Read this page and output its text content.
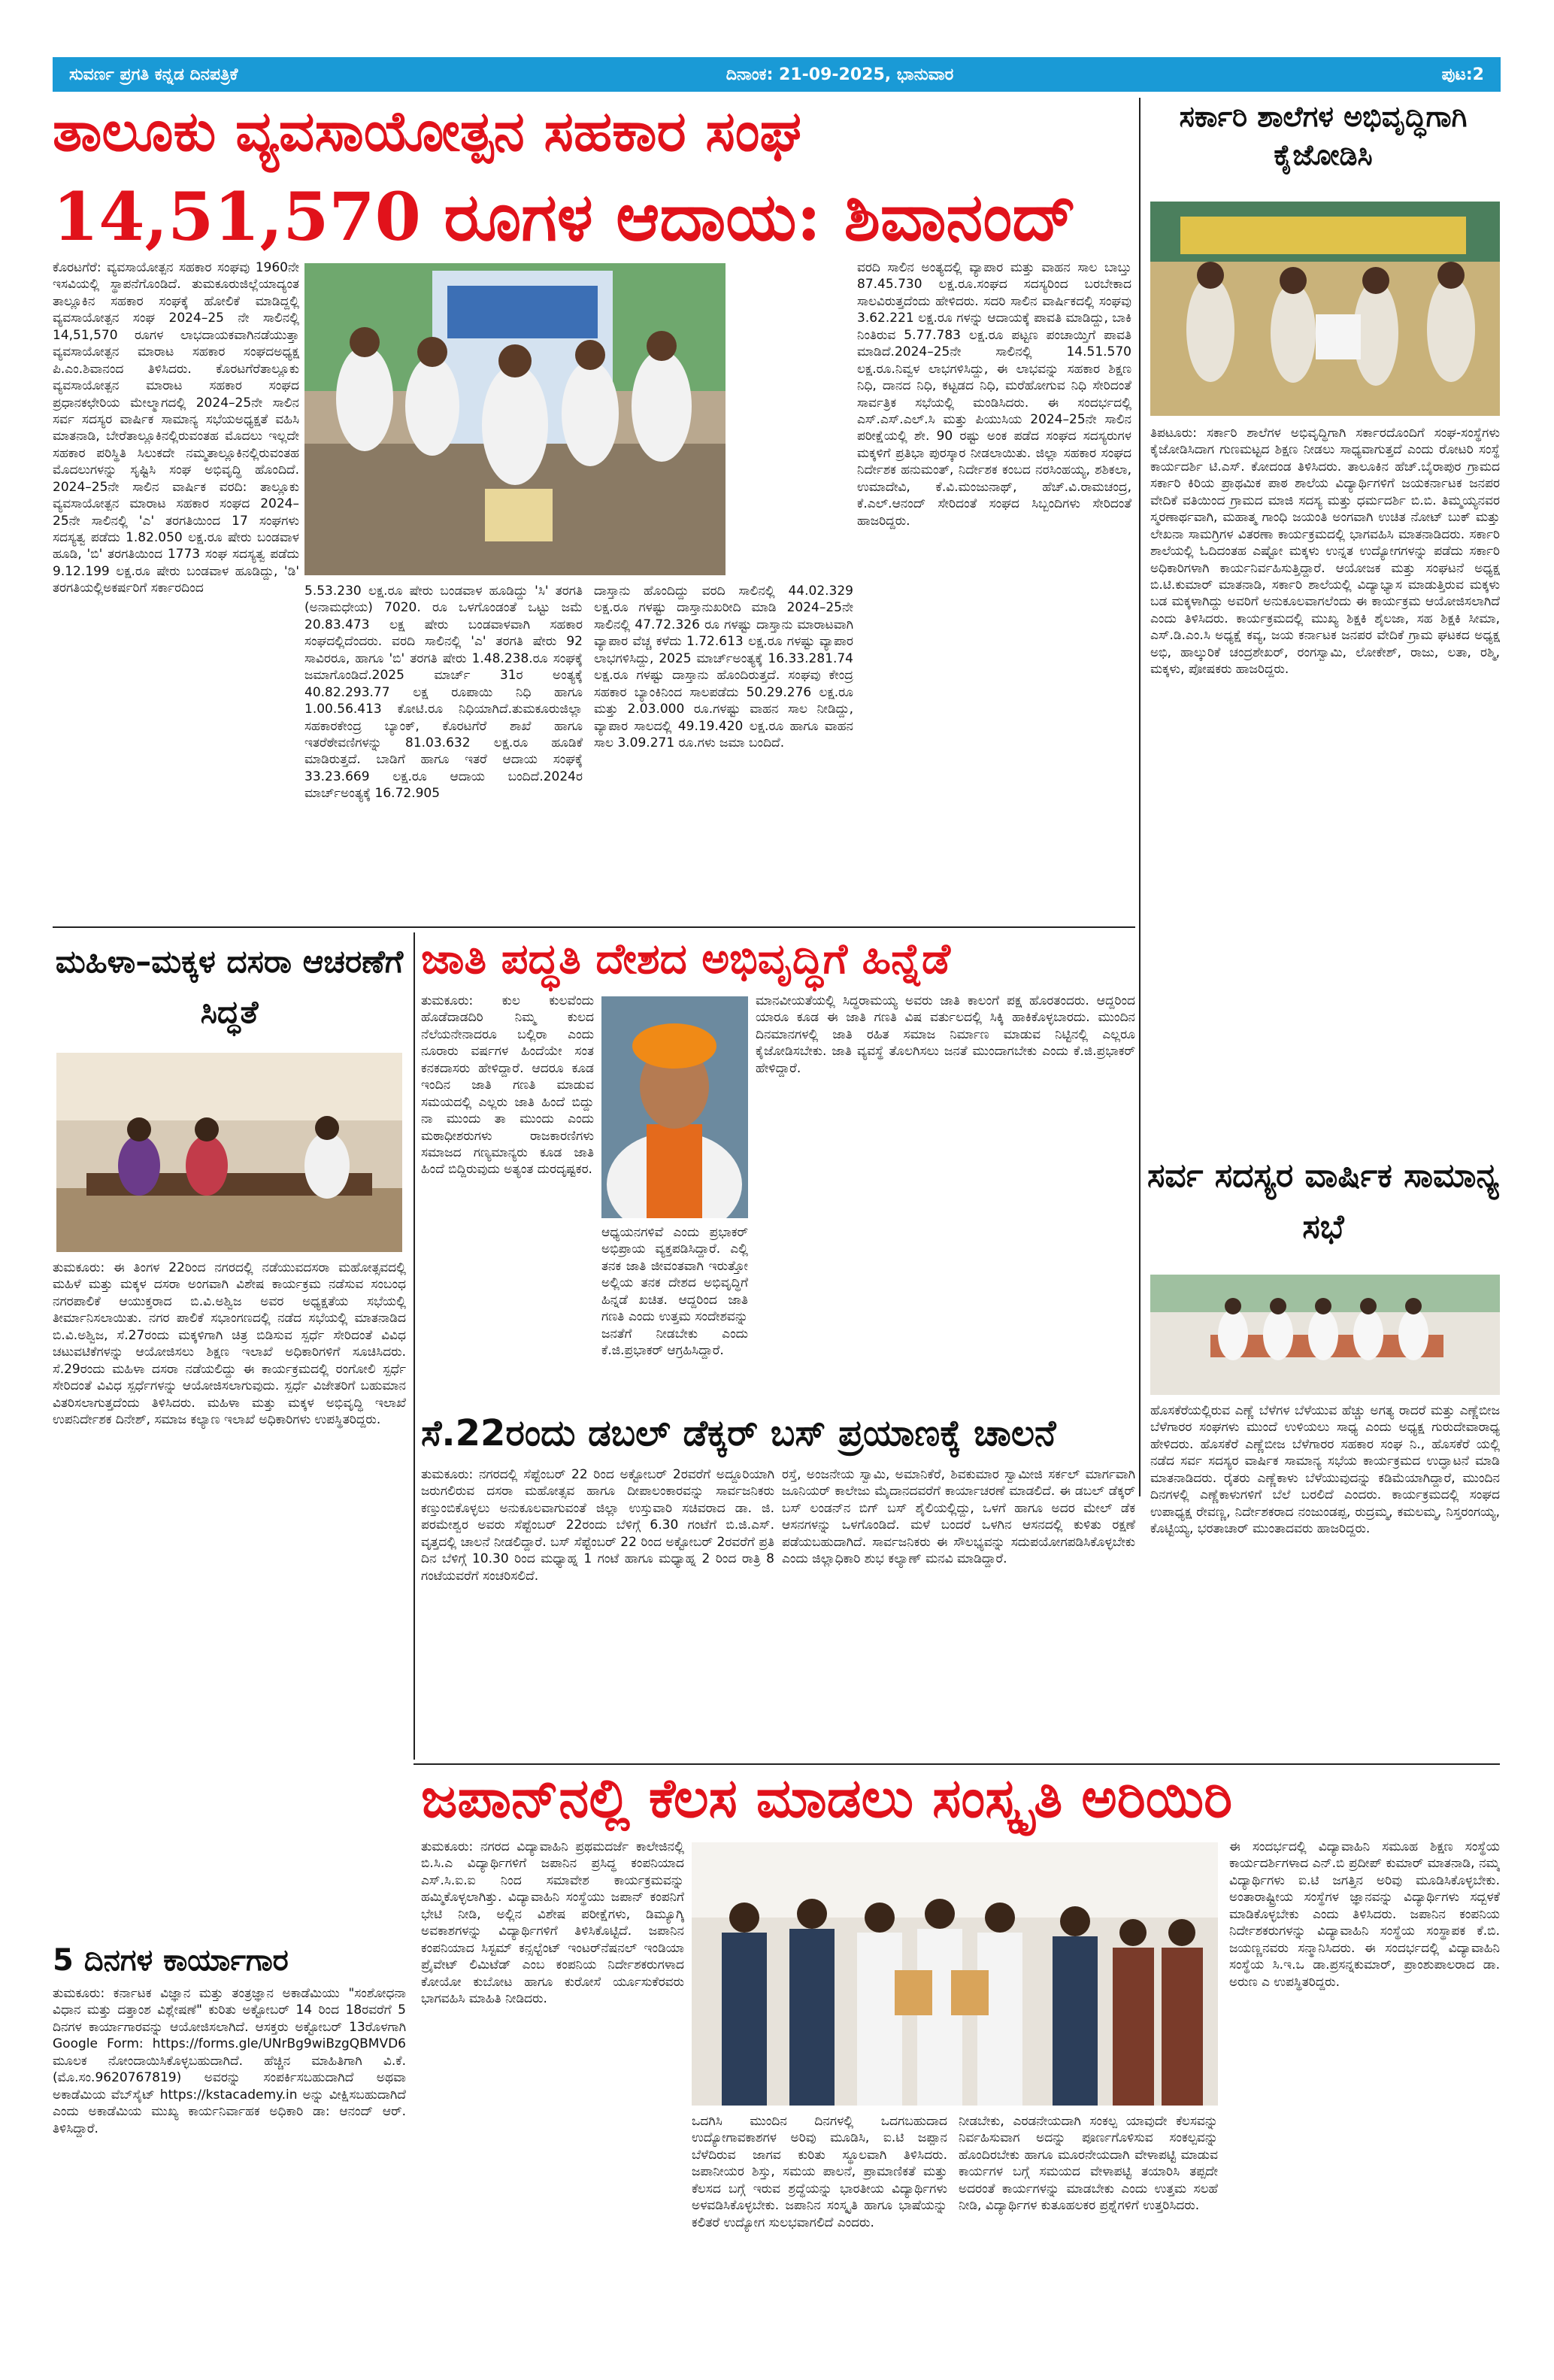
ಸುವರ್ಣ ಪ್ರಗತಿ ಕನ್ನಡ ದಿನಪತ್ರಿಕೆ	ದಿನಾಂಕ: 21-09-2025, ಭಾನುವಾರ	ಪುಟ:2
ತಾಲೂಕು ವ್ಯವಸಾಯೋತ್ಪನ ಸಹಕಾರ ಸಂಘ
14,51,570 ರೂಗಳ ಆದಾಯ: ಶಿವಾನಂದ್
ಕೊರಟಗೆರೆ: ವ್ಯವಸಾಯೋತ್ಪನ ಸಹಕಾರ ಸಂಘವು 1960ನೇ ಇಸವಿಯಲ್ಲಿ ಸ್ಥಾಪನೆಗೊಂಡಿದೆ. ತುಮಕೂರುಜಿಲ್ಲೆಯಾದ್ಯಂತ ತಾಲ್ಲೂಕಿನ ಸಹಕಾರ ಸಂಘಕ್ಕೆ ಹೋಲಿಕೆ ಮಾಡಿದ್ದಲ್ಲಿ ವ್ಯವಸಾಯೋತ್ಪನ ಸಂಘ 2024–25 ನೇ ಸಾಲಿನಲ್ಲಿ 14,51,570 ರೂಗಳ ಲಾಭದಾಯಕವಾಗಿನಡೆಯುತ್ತಾ ವ್ಯವಸಾಯೋತ್ಪನ ಮಾರಾಟ ಸಹಕಾರ ಸಂಘದಅಧ್ಯಕ್ಷ ಪಿ.ಎಂ.ಶಿವಾನಂದ ತಿಳಿಸಿದರು. ಕೊರಟಗೆರೆತಾಲ್ಲೂಕು ವ್ಯವಸಾಯೋತ್ಪನ ಮಾರಾಟ ಸಹಕಾರ ಸಂಘದ ಪ್ರಧಾನಕಛೇರಿಯ ಮೇಲ್ಮಾಗದಲ್ಲಿ 2024–25ನೇ ಸಾಲಿನ ಸರ್ವ ಸದಸ್ಯರ ವಾರ್ಷಿಕ ಸಾಮಾನ್ಯ ಸಭೆಯಅಧ್ಯಕ್ಷತೆ ವಹಿಸಿ ಮಾತನಾಡಿ, ಬೇರೆತಾಲ್ಲೂಕಿನಲ್ಲಿರುವಂತಹ ಮೊದಲು ಇಲ್ಲದೇ ಸಹಕಾರ ಪರಿಸ್ಥಿತಿ ಸಿಲುಕದೇ ನಮ್ಮತಾಲ್ಲೂಕಿನಲ್ಲಿರುವಂತಹ ಮೊದಲುಗಳನ್ನು ಸೃಷ್ಟಿಸಿ ಸಂಘ ಅಭಿವೃದ್ಧಿ ಹೊಂದಿದೆ. 2024–25ನೇ ಸಾಲಿನ ವಾರ್ಷಿಕ ವರದಿ: ತಾಲ್ಲೂಕು ವ್ಯವಸಾಯೋತ್ಪನ ಮಾರಾಟ ಸಹಕಾರ ಸಂಘದ 2024–25ನೇ ಸಾಲಿನಲ್ಲಿ 'ಎ' ತರಗತಿಯಿಂದ 17 ಸಂಘಗಳು ಸದಸ್ಯತ್ವ ಪಡೆದು 1.82.050 ಲಕ್ಷ.ರೂ ಷೇರು ಬಂಡವಾಳ ಹೂಡಿ, 'ಬಿ' ತರಗತಿಯಿಂದ 1773 ಸಂಘ ಸದಸ್ಯತ್ವ ಪಡೆದು 9.12.199 ಲಕ್ಷ.ರೂ ಷೇರು ಬಂಡವಾಳ ಹೂಡಿದ್ದು, 'ಡಿ' ತರಗತಿಯಲ್ಲಿಅಕರ್ಷರಿಗೆ ಸರ್ಕಾರದಿಂದ	5.53.230 ಲಕ್ಷ.ರೂ ಷೇರು ಬಂಡವಾಳ ಹೂಡಿದ್ದು 'ಸಿ' ತರಗತಿ (ಅನಾಮಧೇಯ) 7020. ರೂ ಒಳಗೊಂಡಂತೆ ಒಟ್ಟು ಜಮೆ 20.83.473 ಲಕ್ಷ ಷೇರು ಬಂಡವಾಳವಾಗಿ ಸಹಕಾರ ಸಂಘದಲ್ಲಿದೆಂದರು. ವರದಿ ಸಾಲಿನಲ್ಲಿ 'ಎ' ತರಗತಿ ಷೇರು 92 ಸಾವಿರರೂ, ಹಾಗೂ 'ಬಿ' ತರಗತಿ ಷೇರು 1.48.238.ರೂ ಸಂಘಕ್ಕೆ ಜಮಾಗೊಂಡಿದೆ.2025 ಮಾರ್ಚ್ 31ರ ಅಂತ್ಯಕ್ಕೆ 40.82.293.77 ಲಕ್ಷ ರೂಪಾಯಿ ನಿಧಿ ಹಾಗೂ 1.00.56.413 ಕೋಟಿ.ರೂ ನಿಧಿಯಾಗಿದೆ.ತುಮಕೂರುಜಿಲ್ಲಾ ಸಹಕಾರಕೇಂದ್ರ ಬ್ಯಾಂಕ್, ಕೊರಟಗೆರೆ ಶಾಖೆ ಹಾಗೂ ಇತರೆಠೇವಣಿಗಳನ್ನು 81.03.632 ಲಕ್ಷ.ರೂ ಹೂಡಿಕೆ ಮಾಡಿರುತ್ತದೆ. ಬಾಡಿಗೆ ಹಾಗೂ ಇತರೆ ಆದಾಯ ಸಂಘಕ್ಕೆ 33.23.669 ಲಕ್ಷ.ರೂ ಆದಾಯ ಬಂದಿದೆ.2024ರ ಮಾರ್ಚ್ಅಂತ್ಯಕ್ಕೆ 16.72.905
ದಾಸ್ತಾನು ಹೊಂದಿದ್ದು ವರದಿ ಸಾಲಿನಲ್ಲಿ 44.02.329 ಲಕ್ಷ.ರೂ ಗಳಷ್ಟು ದಾಸ್ತಾನುಖರೀದಿ ಮಾಡಿ 2024–25ನೇ ಸಾಲಿನಲ್ಲಿ 47.72.326 ರೂ ಗಳಷ್ಟು ದಾಸ್ತಾನು ಮಾರಾಟವಾಗಿ ವ್ಯಾಪಾರ ವೆಚ್ಚ ಕಳೆದು 1.72.613 ಲಕ್ಷ.ರೂ ಗಳಷ್ಟು ವ್ಯಾಪಾರ ಲಾಭಗಳಿಸಿದ್ದು, 2025 ಮಾರ್ಚ್ಅಂತ್ಯಕ್ಕೆ 16.33.281.74 ಲಕ್ಷ.ರೂ ಗಳಷ್ಟು ದಾಸ್ತಾನು ಹೊಂದಿರುತ್ತದೆ. ಸಂಘವು ಕೇಂದ್ರ ಸಹಕಾರ ಬ್ಯಾಂಕಿನಿಂದ ಸಾಲಪಡೆದು 50.29.276 ಲಕ್ಷ.ರೂ ಮತ್ತು 2.03.000 ರೂ.ಗಳಷ್ಟು ವಾಹನ ಸಾಲ ನೀಡಿದ್ದು, ವ್ಯಾಪಾರ ಸಾಲದಲ್ಲಿ 49.19.420 ಲಕ್ಷ.ರೂ ಹಾಗೂ ವಾಹನ ಸಾಲ 3.09.271 ರೂ.ಗಳು ಜಮಾ ಬಂದಿದೆ.
ವರದಿ ಸಾಲಿನ ಅಂತ್ಯದಲ್ಲಿ ವ್ಯಾಪಾರ ಮತ್ತು ವಾಹನ ಸಾಲ ಬಾಬ್ತು 87.45.730 ಲಕ್ಷ.ರೂ.ಸಂಘದ ಸದಸ್ಯರಿಂದ ಬರಬೇಕಾದ ಸಾಲವಿರುತ್ತದೆಂದು ಹೇಳಿದರು. ಸದರಿ ಸಾಲಿನ ವಾರ್ಷಿಕದಲ್ಲಿ ಸಂಘವು 3.62.221 ಲಕ್ಷ.ರೂ ಗಳನ್ನು ಆದಾಯಕ್ಕೆ ಪಾವತಿ ಮಾಡಿದ್ದು, ಬಾಕಿ ನಿಂತಿರುವ 5.77.783 ಲಕ್ಷ.ರೂ ಪಟ್ಟಣ ಪಂಚಾಯ್ತಿಗೆ ಪಾವತಿ ಮಾಡಿದೆ.2024–25ನೇ ಸಾಲಿನಲ್ಲಿ 14.51.570 ಲಕ್ಷ.ರೂ.ನಿವ್ವಳ ಲಾಭಗಳಿಸಿದ್ದು, ಈ ಲಾಭವನ್ನು ಸಹಕಾರ ಶಿಕ್ಷಣ ನಿಧಿ, ದಾನದ ನಿಧಿ, ಕಟ್ಟಡದ ನಿಧಿ, ಮರೆಹೋಗುವ ನಿಧಿ ಸೇರಿದಂತೆ ಸಾರ್ವತ್ರಿಕ ಸಭೆಯಲ್ಲಿ ಮಂಡಿಸಿದರು. ಈ ಸಂದರ್ಭದಲ್ಲಿ ಎಸ್.ಎಸ್.ಎಲ್.ಸಿ ಮತ್ತು ಪಿಯುಸಿಯ 2024–25ನೇ ಸಾಲಿನ ಪರೀಕ್ಷೆಯಲ್ಲಿ ಶೇ. 90 ರಷ್ಟು ಅಂಕ ಪಡೆದ ಸಂಘದ ಸದಸ್ಯರುಗಳ ಮಕ್ಕಳಿಗೆ ಪ್ರತಿಭಾ ಪುರಸ್ಕಾರ ನೀಡಲಾಯಿತು. ಜಿಲ್ಲಾ ಸಹಕಾರ ಸಂಘದ ನಿರ್ದೇಶಕ ಹನುಮಂತ್, ನಿರ್ದೇಶಕ ಕಂಬದ ನರಸಿಂಹಯ್ಯ, ಶಶಿಕಲಾ, ಉಮಾದೇವಿ, ಕೆ.ವಿ.ಮಂಜುನಾಥ್, ಹೆಚ್.ವಿ.ರಾಮಚಂದ್ರ, ಕೆ.ಎಲ್.ಆನಂದ್ ಸೇರಿದಂತೆ ಸಂಘದ ಸಿಬ್ಬಂದಿಗಳು ಸೇರಿದಂತೆ ಹಾಜರಿದ್ದರು.
ಸರ್ಕಾರಿ ಶಾಲೆಗಳ ಅಭಿವೃದ್ಧಿಗಾಗಿ ಕೈಜೋಡಿಸಿ
ತಿಪಟೂರು: ಸರ್ಕಾರಿ ಶಾಲೆಗಳ ಅಭಿವೃದ್ಧಿಗಾಗಿ ಸರ್ಕಾರದೊಂದಿಗೆ ಸಂಘ-ಸಂಸ್ಥೆಗಳು ಕೈಜೋಡಿಸಿದಾಗ ಗುಣಮಟ್ಟದ ಶಿಕ್ಷಣ ನೀಡಲು ಸಾಧ್ಯವಾಗುತ್ತದೆ ಎಂದು ರೋಟರಿ ಸಂಸ್ಥೆ ಕಾರ್ಯದರ್ಶಿ ಟಿ.ಎಸ್. ಕೋದಂಡ ತಿಳಿಸಿದರು. ತಾಲೂಕಿನ ಹೆಚ್.ಬೈರಾಪುರ ಗ್ರಾಮದ ಸರ್ಕಾರಿ ಕಿರಿಯ ಪ್ರಾಥಮಿಕ ಪಾಠ ಶಾಲೆಯ ವಿದ್ಯಾರ್ಥಿಗಳಿಗೆ ಜಯಕರ್ನಾಟಕ ಜನಪರ ವೇದಿಕೆ ವತಿಯಿಂದ ಗ್ರಾಮದ ಮಾಜಿ ಸದಸ್ಯ ಮತ್ತು ಧರ್ಮದರ್ಶಿ ಬಿ.ಬಿ. ತಿಮ್ಮಯ್ಯನವರ ಸ್ಮರಣಾರ್ಥವಾಗಿ, ಮಹಾತ್ಮ ಗಾಂಧಿ ಜಯಂತಿ ಅಂಗವಾಗಿ ಉಚಿತ ನೋಟ್ ಬುಕ್ ಮತ್ತು ಲೇಖನಾ ಸಾಮಗ್ರಿಗಳ ವಿತರಣಾ ಕಾರ್ಯಕ್ರಮದಲ್ಲಿ ಭಾಗವಹಿಸಿ ಮಾತನಾಡಿದರು. ಸರ್ಕಾರಿ ಶಾಲೆಯಲ್ಲಿ ಓದಿದಂತಹ ಎಷ್ಟೋ ಮಕ್ಕಳು ಉನ್ನತ ಉದ್ಯೋಗಗಳನ್ನು ಪಡೆದು ಸರ್ಕಾರಿ ಅಧಿಕಾರಿಗಳಾಗಿ ಕಾರ್ಯನಿರ್ವಹಿಸುತ್ತಿದ್ದಾರೆ. ಆಯೋಜಕ ಮತ್ತು ಸಂಘಟನೆ ಅಧ್ಯಕ್ಷ ಬಿ.ಟಿ.ಕುಮಾರ್ ಮಾತನಾಡಿ, ಸರ್ಕಾರಿ ಶಾಲೆಯಲ್ಲಿ ವಿದ್ಯಾಭ್ಯಾಸ ಮಾಡುತ್ತಿರುವ ಮಕ್ಕಳು ಬಡ ಮಕ್ಕಳಾಗಿದ್ದು ಅವರಿಗೆ ಅನುಕೂಲವಾಗಲೆಂದು ಈ ಕಾರ್ಯಕ್ರಮ ಆಯೋಜಿಸಲಾಗಿದೆ ಎಂದು ತಿಳಿಸಿದರು. ಕಾರ್ಯಕ್ರಮದಲ್ಲಿ ಮುಖ್ಯ ಶಿಕ್ಷಕಿ ಶೈಲಜಾ, ಸಹ ಶಿಕ್ಷಕಿ ಸೀಮಾ, ಎಸ್.ಡಿ.ಎಂ.ಸಿ ಅಧ್ಯಕ್ಷೆ ಕವ್ಯ, ಜಯ ಕರ್ನಾಟಕ ಜನಪರ ವೇದಿಕೆ ಗ್ರಾಮ ಘಟಕದ ಅಧ್ಯಕ್ಷ ಅಭಿ, ಹಾಲ್ಕುರಿಕೆ ಚಂದ್ರಶೇಖರ್, ರಂಗಸ್ವಾಮಿ, ಲೋಕೇಶ್, ರಾಜು, ಲತಾ, ರಶ್ಮಿ, ಮಕ್ಕಳು, ಪೋಷಕರು ಹಾಜರಿದ್ದರು.
ಸರ್ವ ಸದಸ್ಯರ ವಾರ್ಷಿಕ ಸಾಮಾನ್ಯ ಸಭೆ
ಹೊಸಕೆರೆಯಲ್ಲಿರುವ ಎಣ್ಣೆ ಬೆಳೆಗಳ ಬೆಳೆಯುವ ಹೆಚ್ಚು ಅಗತ್ಯ ರಾದರೆ ಮತ್ತು ಎಣ್ಣೆಬೀಜ ಬೆಳೆಗಾರರ ಸಂಘಗಳು ಮುಂದೆ ಉಳಿಯಲು ಸಾಧ್ಯ ಎಂದು ಅಧ್ಯಕ್ಷ ಗುರುದೇವಾರಾಧ್ಯ ಹೇಳಿದರು. ಹೊಸಕೆರೆ ಎಣ್ಣೆಬೀಜ ಬೆಳೆಗಾರರ ಸಹಕಾರ ಸಂಘ ನಿ., ಹೊಸಕೆರೆ ಯಲ್ಲಿ ನಡೆದ ಸರ್ವ ಸದಸ್ಯರ ವಾರ್ಷಿಕ ಸಾಮಾನ್ಯ ಸಭೆಯ ಕಾರ್ಯಕ್ರಮದ ಉದ್ಘಾಟನೆ ಮಾಡಿ ಮಾತನಾಡಿದರು. ರೈತರು ಎಣ್ಣೆಕಾಳು ಬೆಳೆಯುವುದನ್ನು ಕಡಿಮೆಯಾಗಿದ್ದಾರೆ, ಮುಂದಿನ ದಿನಗಳಲ್ಲಿ ಎಣ್ಣೆಕಾಳುಗಳಿಗೆ ಬೆಲೆ ಬರಲಿದೆ ಎಂದರು. ಕಾರ್ಯಕ್ರಮದಲ್ಲಿ ಸಂಘದ ಉಪಾಧ್ಯಕ್ಷ ರೇವಣ್ಣ, ನಿರ್ದೇಶಕರಾದ ನಂಜುಂಡಪ್ಪ, ರುದ್ರಮ್ಮ, ಕಮಲಮ್ಮ, ನಿಸ್ತರಂಗಯ್ಯ, ಕೊಟ್ಟಿಯ್ಯ, ಭರತಾಚಾರ್ ಮುಂತಾದವರು ಹಾಜರಿದ್ದರು.
ಮಹಿಳಾ–ಮಕ್ಕಳ ದಸರಾ ಆಚರಣೆಗೆ ಸಿದ್ಧತೆ
ತುಮಕೂರು: ಈ ತಿಂಗಳ 22ರಿಂದ ನಗರದಲ್ಲಿ ನಡೆಯುವದಸರಾ ಮಹೋತ್ಸವದಲ್ಲಿ ಮಹಿಳೆ ಮತ್ತು ಮಕ್ಕಳ ದಸರಾ ಅಂಗವಾಗಿ ವಿಶೇಷ ಕಾರ್ಯಕ್ರಮ ನಡೆಸುವ ಸಂಬಂಧ ನಗರಪಾಲಿಕೆ ಆಯುಕ್ತರಾದ ಬಿ.ವಿ.ಅಶ್ವಿಜ ಅವರ ಅಧ್ಯಕ್ಷತೆಯ ಸಭೆಯಲ್ಲಿ ತೀರ್ಮಾನಿಸಲಾಯಿತು. ನಗರ ಪಾಲಿಕೆ ಸಭಾಂಗಣದಲ್ಲಿ ನಡೆದ ಸಭೆಯಲ್ಲಿ ಮಾತನಾಡಿದ ಬಿ.ವಿ.ಅಶ್ವಿಜ, ಸೆ.27ರಂದು ಮಕ್ಕಳಿಗಾಗಿ ಚಿತ್ರ ಬಿಡಿಸುವ ಸ್ಪರ್ಧೆ ಸೇರಿದಂತೆ ವಿವಿಧ ಚಟುವಟಿಕೆಗಳನ್ನು ಆಯೋಜಿಸಲು ಶಿಕ್ಷಣ ಇಲಾಖೆ ಅಧಿಕಾರಿಗಳಿಗೆ ಸೂಚಿಸಿದರು. ಸೆ.29ರಂದು ಮಹಿಳಾ ದಸರಾ ನಡೆಯಲಿದ್ದು ಈ ಕಾರ್ಯಕ್ರಮದಲ್ಲಿ ರಂಗೋಲಿ ಸ್ಪರ್ಧೆ ಸೇರಿದಂತೆ ವಿವಿಧ ಸ್ಪರ್ಧೆಗಳನ್ನು ಆಯೋಜಿಸಲಾಗುವುದು. ಸ್ಪರ್ಧೆ ವಿಜೇತರಿಗೆ ಬಹುಮಾನ ವಿತರಿಸಲಾಗುತ್ತದೆಂದು ತಿಳಿಸಿದರು. ಮಹಿಳಾ ಮತ್ತು ಮಕ್ಕಳ ಅಭಿವೃದ್ಧಿ ಇಲಾಖೆ ಉಪನಿರ್ದೇಶಕ ದಿನೇಶ್, ಸಮಾಜ ಕಲ್ಯಾಣ ಇಲಾಖೆ ಅಧಿಕಾರಿಗಳು ಉಪಸ್ಥಿತರಿದ್ದರು.
5 ದಿನಗಳ ಕಾರ್ಯಾಗಾರ
ತುಮಕೂರು: ಕರ್ನಾಟಕ ವಿಜ್ಞಾನ ಮತ್ತು ತಂತ್ರಜ್ಞಾನ ಅಕಾಡೆಮಿಯು "ಸಂಶೋಧನಾ ವಿಧಾನ ಮತ್ತು ದತ್ತಾಂಶ ವಿಶ್ಲೇಷಣೆ" ಕುರಿತು ಅಕ್ಟೋಬರ್ 14 ರಿಂದ 18ರವರೆಗೆ 5 ದಿನಗಳ ಕಾರ್ಯಾಗಾರವನ್ನು ಆಯೋಜಿಸಲಾಗಿದೆ. ಆಸಕ್ತರು ಅಕ್ಟೋಬರ್ 13ರೊಳಗಾಗಿ Google Form: https://forms.gle/UNrBg9wiBzgQBMVD6 ಮೂಲಕ ನೋಂದಾಯಿಸಿಕೊಳ್ಳಬಹುದಾಗಿದೆ. ಹೆಚ್ಚಿನ ಮಾಹಿತಿಗಾಗಿ ವಿ.ಕೆ.(ಮೊ.ಸಂ.9620767819) ಅವರನ್ನು ಸಂಪರ್ಕಿಸಬಹುದಾಗಿದೆ ಅಥವಾ ಅಕಾಡೆಮಿಯ ವೆಬ್‌ಸೈಟ್ https://kstacademy.in ಅನ್ನು ವೀಕ್ಷಿಸಬಹುದಾಗಿದೆ ಎಂದು ಅಕಾಡೆಮಿಯ ಮುಖ್ಯ ಕಾರ್ಯನಿರ್ವಾಹಕ ಅಧಿಕಾರಿ ಡಾ: ಆನಂದ್ ಆರ್. ತಿಳಿಸಿದ್ದಾರೆ.
ಜಾತಿ ಪದ್ಧತಿ ದೇಶದ ಅಭಿವೃದ್ಧಿಗೆ ಹಿನ್ನೆಡೆ
ತುಮಕೂರು: ಕುಲ ಕುಲವೆಂದು ಹೊಡೆದಾಡದಿರಿ ನಿಮ್ಮ ಕುಲದ ನೆಲೆಯನೇನಾದರೂ ಬಲ್ಲಿರಾ ಎಂದು ನೂರಾರು ವರ್ಷಗಳ ಹಿಂದೆಯೇ ಸಂತ ಕನಕದಾಸರು ಹೇಳಿದ್ದಾರೆ. ಆದರೂ ಕೂಡ ಇಂದಿನ ಜಾತಿ ಗಣತಿ ಮಾಡುವ ಸಮಯದಲ್ಲಿ ಎಲ್ಲರು ಜಾತಿ ಹಿಂದೆ ಬಿದ್ದು ನಾ ಮುಂದು ತಾ ಮುಂದು ಎಂದು ಮಠಾಧೀಶರುಗಳು ರಾಜಕಾರಣಿಗಳು ಸಮಾಜದ ಗಣ್ಯಮಾನ್ಯರು ಕೂಡ ಜಾತಿ ಹಿಂದೆ ಬಿದ್ದಿರುವುದು ಅತ್ಯಂತ ದುರದೃಷ್ಟಕರ.
ಆಧ್ಯಯನಗಳಿವೆ ಎಂದು ಪ್ರಭಾಕರ್ ಅಭಿಪ್ರಾಯ ವ್ಯಕ್ತಪಡಿಸಿದ್ದಾರೆ. ಎಲ್ಲಿ ತನಕ ಜಾತಿ ಜೀವಂತವಾಗಿ ಇರುತ್ತೋ ಅಲ್ಲಿಯ ತನಕ ದೇಶದ ಅಭಿವೃದ್ಧಿಗೆ ಹಿನ್ನಡೆ ಖಚಿತ. ಆದ್ದರಿಂದ ಜಾತಿ ಗಣತಿ ಎಂದು ಉತ್ತಮ ಸಂದೇಶವನ್ನು ಜನತೆಗೆ ನೀಡಬೇಕು ಎಂದು ಕೆ.ಜಿ.ಪ್ರಭಾಕರ್ ಆಗ್ರಹಿಸಿದ್ದಾರೆ.
ಮಾನವೀಯತೆಯಲ್ಲಿ ಸಿದ್ಧರಾಮಯ್ಯ ಅವರು ಜಾತಿ ಕಾಲಂಗೆ ಪಕ್ಷ ಹೊರತಂದರು. ಆದ್ದರಿಂದ ಯಾರೂ ಕೂಡ ಈ ಜಾತಿ ಗಣತಿ ವಿಷ ವರ್ತುಲದಲ್ಲಿ ಸಿಕ್ಕಿ ಹಾಕಿಕೊಳ್ಳಬಾರದು. ಮುಂದಿನ ದಿನಮಾನಗಳಲ್ಲಿ ಜಾತಿ ರಹಿತ ಸಮಾಜ ನಿರ್ಮಾಣ ಮಾಡುವ ನಿಟ್ಟಿನಲ್ಲಿ ಎಲ್ಲರೂ ಕೈಜೋಡಿಸಬೇಕು. ಜಾತಿ ವ್ಯವಸ್ಥೆ ತೊಲಗಿಸಲು ಜನತೆ ಮುಂದಾಗಬೇಕು ಎಂದು ಕೆ.ಜಿ.ಪ್ರಭಾಕರ್ ಹೇಳಿದ್ದಾರೆ.
ಸೆ.22ರಂದು ಡಬಲ್ ಡೆಕ್ಕರ್ ಬಸ್ ಪ್ರಯಾಣಕ್ಕೆ ಚಾಲನೆ
ತುಮಕೂರು: ನಗರದಲ್ಲಿ ಸೆಪ್ಟೆಂಬರ್ 22 ರಿಂದ ಅಕ್ಟೋಬರ್ 2ರವರೆಗೆ ಅದ್ದೂರಿಯಾಗಿ ಜರುಗಲಿರುವ ದಸರಾ ಮಹೋತ್ಸವ ಹಾಗೂ ದೀಪಾಲಂಕಾರವನ್ನು ಸಾರ್ವಜನಿಕರು ಕಣ್ತುಂಬಿಕೊಳ್ಳಲು ಅನುಕೂಲವಾಗುವಂತೆ ಜಿಲ್ಲಾ ಉಸ್ತುವಾರಿ ಸಚಿವರಾದ ಡಾ. ಜಿ. ಪರಮೇಶ್ವರ ಅವರು ಸೆಪ್ಟೆಂಬರ್ 22ರಂದು ಬೆಳಿಗ್ಗೆ 6.30 ಗಂಟೆಗೆ ಬಿ.ಜಿ.ಎಸ್. ವೃತ್ತದಲ್ಲಿ ಚಾಲನೆ ನೀಡಲಿದ್ದಾರೆ. ಬಸ್ ಸೆಪ್ಟೆಂಬರ್ 22 ರಿಂದ ಅಕ್ಟೋಬರ್ 2ರವರೆಗೆ ಪ್ರತಿ ದಿನ ಬೆಳಿಗ್ಗೆ 10.30 ರಿಂದ ಮಧ್ಯಾಹ್ನ 1 ಗಂಟೆ ಹಾಗೂ ಮಧ್ಯಾಹ್ನ 2 ರಿಂದ ರಾತ್ರಿ 8 ಗಂಟೆಯವರೆಗೆ ಸಂಚರಿಸಲಿದೆ.
ರಸ್ತೆ, ಅಂಜನೇಯ ಸ್ವಾಮಿ, ಅಮಾನಿಕೆರೆ, ಶಿವಕುಮಾರ ಸ್ವಾಮೀಜಿ ಸರ್ಕಲ್ ಮಾರ್ಗವಾಗಿ ಜೂನಿಯರ್ ಕಾಲೇಜು ಮೈದಾನದವರೆಗೆ ಕಾರ್ಯಾಚರಣೆ ಮಾಡಲಿದೆ. ಈ ಡಬಲ್ ಡೆಕ್ಕರ್ ಬಸ್ ಲಂಡನ್‌ನ ಬಿಗ್ ಬಸ್ ಶೈಲಿಯಲ್ಲಿದ್ದು, ಒಳಗೆ ಹಾಗೂ ಅದರ ಮೇಲ್ ಡೆಕ ಆಸನಗಳನ್ನು ಒಳಗೊಂಡಿದೆ. ಮಳೆ ಬಂದರೆ ಒಳಗಿನ ಆಸನದಲ್ಲಿ ಕುಳಿತು ರಕ್ಷಣೆ ಪಡೆಯಬಹುದಾಗಿದೆ. ಸಾರ್ವಜನಿಕರು ಈ ಸೌಲಭ್ಯವನ್ನು ಸದುಪಯೋಗಪಡಿಸಿಕೊಳ್ಳಬೇಕು ಎಂದು ಜಿಲ್ಲಾಧಿಕಾರಿ ಶುಭ ಕಲ್ಯಾಣ್ ಮನವಿ ಮಾಡಿದ್ದಾರೆ.
ಜಪಾನ್‌ನಲ್ಲಿ ಕೆಲಸ ಮಾಡಲು ಸಂಸ್ಕೃತಿ ಅರಿಯಿರಿ
ತುಮಕೂರು: ನಗರದ ವಿದ್ಯಾವಾಹಿನಿ ಪ್ರಥಮದರ್ಜೆ ಕಾಲೇಜಿನಲ್ಲಿ ಬಿ.ಸಿ.ಎ ವಿದ್ಯಾರ್ಥಿಗಳಿಗೆ ಜಪಾನಿನ ಪ್ರಸಿದ್ಧ ಕಂಪನಿಯಾದ ಎಸ್.ಸಿ.ಐ.ಐ ನಿಂದ ಸಮಾವೇಶ ಕಾರ್ಯಕ್ರಮವನ್ನು ಹಮ್ಮಿಕೊಳ್ಳಲಾಗಿತ್ತು. ವಿದ್ಯಾವಾಹಿನಿ ಸಂಸ್ಥೆಯು ಜಪಾನ್ ಕಂಪನಿಗೆ ಭೇಟಿ ನೀಡಿ, ಅಲ್ಲಿನ ವಿಶೇಷ ಪರೀಕ್ಷೆಗಳು, ಡಿಮ್ಯೂಗ್ಕಿ ಅವಕಾಶಗಳನ್ನು ವಿದ್ಯಾರ್ಥಿಗಳಿಗೆ ತಿಳಿಸಿಕೊಟ್ಟಿದೆ. ಜಪಾನಿನ ಕಂಪನಿಯಾದ ಸಿಸ್ಟಮ್ ಕನ್ಸಲ್ಟೆಂಟ್ ಇಂಟರ್‌ನೆಷನಲ್ ಇಂಡಿಯಾ ಪ್ರೈವೇಟ್ ಲಿಮಿಟೆಡ್ ಎಂಬ ಕಂಪನಿಯ ನಿರ್ದೇಶಕರುಗಳಾದ ಕೋಯೋ ಕುಬೋಟ ಹಾಗೂ ಕುರೋಸೆ ರ್ಯೂಸುಕೆರವರು ಭಾಗವಹಿಸಿ ಮಾಹಿತಿ ನೀಡಿದರು.
ಒದಗಿಸಿ ಮುಂದಿನ ದಿನಗಳಲ್ಲಿ ಒದಗಬಹುದಾದ ಉದ್ಯೋಗಾವಕಾಶಗಳ ಅರಿವು ಮೂಡಿಸಿ, ಐ.ಟಿ ಜಪ್ಪಾನ ಬೆಳೆದಿರುವ ಜಾಗವ ಕುರಿತು ಸ್ಥೂಲವಾಗಿ ತಿಳಿಸಿದರು. ಜಪಾನೀಯರ ಶಿಸ್ತು, ಸಮಯ ಪಾಲನೆ, ಪ್ರಾಮಾಣಿಕತೆ ಮತ್ತು ಕೆಲಸದ ಬಗ್ಗೆ ಇರುವ ಶ್ರದ್ಧೆಯನ್ನು ಭಾರತೀಯ ವಿದ್ಯಾರ್ಥಿಗಳು ಅಳವಡಿಸಿಕೊಳ್ಳಬೇಕು. ಜಪಾನಿನ ಸಂಸ್ಕೃತಿ ಹಾಗೂ ಭಾಷೆಯನ್ನು ಕಲಿತರೆ ಉದ್ಯೋಗ ಸುಲಭವಾಗಲಿದೆ ಎಂದರು.
ನೀಡಬೇಕು, ಎರಡನೇಯದಾಗಿ ಸಂಕಲ್ಪ ಯಾವುದೇ ಕೆಲಸವನ್ನು ನಿರ್ವಹಿಸುವಾಗ ಅದನ್ನು ಪೂರ್ಣಗೊಳಿಸುವ ಸಂಕಲ್ಪವನ್ನು ಹೊಂದಿರಬೇಕು ಹಾಗೂ ಮೂರನೇಯದಾಗಿ ವೇಳಾಪಟ್ಟಿ ಮಾಡುವ ಕಾರ್ಯಗಳ ಬಗ್ಗೆ ಸಮಯದ ವೇಳಾಪಟ್ಟಿ ತಯಾರಿಸಿ ತಪ್ಪದೇ ಅದರಂತೆ ಕಾರ್ಯಗಳನ್ನು ಮಾಡಬೇಕು ಎಂದು ಉತ್ತಮ ಸಲಹೆ ನೀಡಿ, ವಿದ್ಯಾರ್ಥಿಗಳ ಕುತೂಹಲಕರ ಪ್ರಶ್ನೆಗಳಿಗೆ ಉತ್ತರಿಸಿದರು.
ಈ ಸಂದರ್ಭದಲ್ಲಿ ವಿದ್ಯಾವಾಹಿನಿ ಸಮೂಹ ಶಿಕ್ಷಣ ಸಂಸ್ಥೆಯ ಕಾರ್ಯದರ್ಶಿಗಳಾದ ಎನ್.ಬಿ ಪ್ರದೀಪ್ ಕುಮಾರ್ ಮಾತನಾಡಿ, ನಮ್ಮ ವಿದ್ಯಾರ್ಥಿಗಳು ಐ.ಟಿ ಜಗತ್ತಿನ ಅರಿವು ಮೂಡಿಸಿಕೊಳ್ಳಬೇಕು. ಅಂತಾರಾಷ್ಟ್ರೀಯ ಸಂಸ್ಥೆಗಳ ಜ್ಞಾನವನ್ನು ವಿದ್ಯಾರ್ಥಿಗಳು ಸದ್ಬಳಕೆ ಮಾಡಿಕೊಳ್ಳಬೇಕು ಎಂದು ತಿಳಿಸಿದರು. ಜಪಾನಿನ ಕಂಪನಿಯ ನಿರ್ದೇಶಕರುಗಳನ್ನು ವಿದ್ಯಾವಾಹಿನಿ ಸಂಸ್ಥೆಯ ಸಂಸ್ಥಾಪಕ ಕೆ.ಬಿ. ಜಯಣ್ಣನವರು ಸನ್ಮಾನಿಸಿದರು. ಈ ಸಂದರ್ಭದಲ್ಲಿ ವಿದ್ಯಾವಾಹಿನಿ ಸಂಸ್ಥೆಯ ಸಿ.ಇ.ಒ ಡಾ.ಪ್ರಸನ್ನಕುಮಾರ್, ಪ್ರಾಂಶುಪಾಲರಾದ ಡಾ. ಅರುಣ ಎ ಉಪಸ್ಥಿತರಿದ್ದರು.
